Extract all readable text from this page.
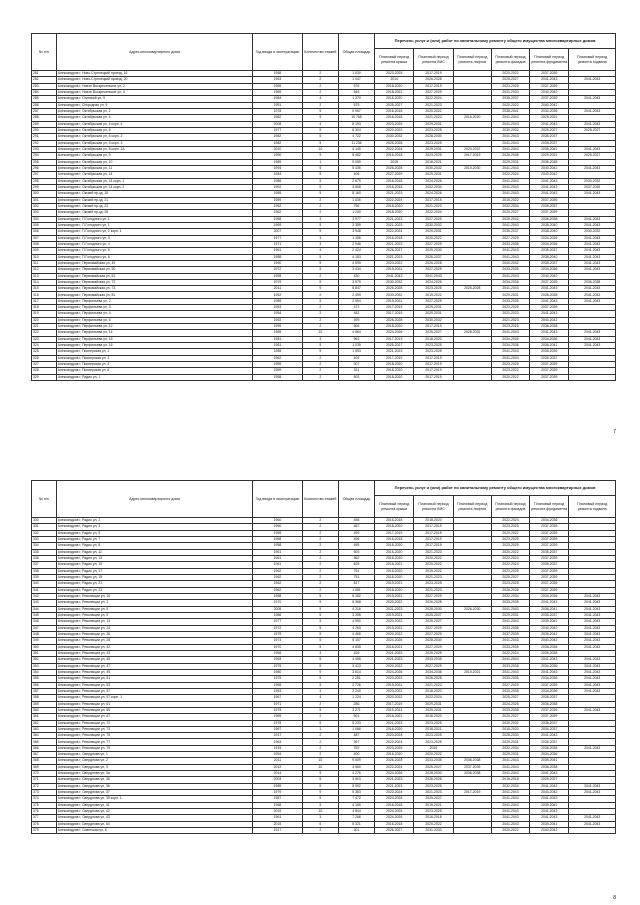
№ п/п	Адрес многоквартирного дома	Год ввода в эксплуатацию	Количество этажей	Общая площадь	Перечень услуг и (или) работ по капитальному ремонту общего имущества многоквартирных домов					
					Плановый период ремонта крыши	Плановый период ремонта ВИС	Плановый период ремонта лифтов	Плановый период ремонта фасадов	Плановый период ремонта фундамента	Плановый период ремонта подвала
281	Александров г, Ново-Стрелецкий проезд, 16	1958	2	1 030	2023-2025	2017-2019		2020-2022	2037-2039	
282	Александров г, Ново-Стрелецкий проезд, 20	1963	2	1 047	2014	2026-2028		2025-2027	2041-2043	2041-2043
283	Александров г, Новое Воскресенское ул, 2	1959	2	576	2018-2020	2017-2019		2023-2025	2037-2039	
284	Александров г, Новое Воскресенское ул, 4	1969	2	546	2018-2021	2027-2029		2031-2033	2040-2042	
285	Александров г, Огинский ул, 9	1984	4	1 370	2018-2020	2022-2024		2035-2037	2037-2039	2041-2043
286	Александров г, Огородная ул, 9	1951	2	575	2025-2027	2021-2023		2020-2022	2040-2042	
287	Александров г, Октябрьская ул, 2	1978	5	5 967	2016-2018	2020-2022		2038-2041	2034-2036	2041-2043
288	Александров г, Октябрьская ул, 4	1982	9	10 765	2016-2018	2021-2023	2016-2020	2041-2043	2029-2031	
289	Александров г, Октябрьская ул, 4 корп. 4	2008	4	8 193	2023-2025	2029-2031		2041-2043	2041-2043	2041-2043
290	Александров г, Октябрьская ул, 5	1977	5	6 304	2020-2022	2023-2025		2030-2032	2025-2027	2025-2027
291	Александров г, Октябрьская ул, 6 корп. 2	1982	5	4 722	2030-2032	2028-2030		2041-2043	2035-2037	
292	Александров г, Октябрьская ул, 6 корп. 3	1982	5	11 236	2026-2028	2023-2025		2041-2043	2035-2037	
293	Александров г, Октябрьская ул, 8 корп. 1А	2010	10	4 145	2022-2024	2029-2031	2020-2037	2041-2043	2035-2041	2041-2043
294	Александров г, Октябрьская ул, 9	1990	9	8 482	2016-2018	2023-2025	2017-2019	2026-2038	2029-2031	2025-2027
295	Александров г, Октябрьская ул, 10	1989	1	9 059	2015	2018-2021		2029-2031	2036-2038	
296	Александров г, Октябрьская ул, 11	1993	5	5 436	2026-2028	2030-2032	2019-2030	2041-2043	2040-2042	2041-2043
297	Александров г, Октябрьская ул, 14	1984	5	406	2027-2029	2029-2031		2022-2024	2040-2042	
298	Александров г, Октябрьская ул, 14 корп. 1	1986	5	2 679	2016-2018	2024-2026		2041-2043	2041-2043	2030-2032
299	Александров г, Октябрьская ул, 14 корп. 2	1992	5	3 808	2016-2018	2032-2034		2041-2043	2041-2043	2037-2039
300	Александров г, Окский пр-зд, 15	1985	5	8 160	2021-2023	2024-2026		2041-2043	2041-2043	2041-2043
301	Александров г, Окский пр-зд, 21	1959	2	1 036	2022-2024	2017-2019		2019-2022	2037-2039	
302	Александров г, Окский пр-зд, 23	1962	2	756	2018-2020	2021-2023		2032-2034	2035-2037	
303	Александров г, Окский пр-зд, 26	1962	2	1 240	2018-2020	2022-2024		2025-2027	2037-2039	
304	Александров г, П.Голодного ул, 1	1958	3	3 977	2021-2023	2027-2029		2039-2042	2036-2038	2041-2043
305	Александров г, П.Голодного ул, 1	1969	5	3 359	2021-2023	2030-2032		2041-2043	2038-2040	2041-2043
306	Александров г, П.Голодного ул, 2 корп. 1	2007	5	3 948	2022-2024	2029-2031		2035-2037	2038-2040	2030-2032
307	Александров г, П.Голодного ул, 3	1977	3	1 156	2016-2018	2020-2022		2027-2029	2034-2036	2041-2043
308	Александров г, П.Голодного ул, 4	1971	3	2 946	2021-2023	2027-2029		2033-2035	2034-2036	2041-2043
309	Александров г, П.Голодного ул, 5	1961	4	2 424	2026-2027	2025-2030		2041-2043	2035-2037	2041-2043
310	Александров г, П.Голодного ул, 6	1988	5	4 153	2021-2023	2028-2037		2041-2043	2038-2040	2041-2043
311	Александров г, Первомайская ул, 49	1990	5	4 599	2020-2022	2026-2028		2040-2042	2035-2037	2041-2043
312	Александров г, Первомайская ул, 50	1972	5	3 434	2019-2021	2027-2029		2033-2035	2034-2036	2041-2043
313	Александров г, Первомайская ул, 51	1958	2	430	2041-2043	2041-2043		2041-2043	2040-2042	
314	Александров г, Первомайская ул, 72	1979	5	3 979	2030-2032	2024-2026		2034-2036	2037-2039	2036-2038
315	Александров г, Первомайская ул, 73	2011	9	5 847	2026-2028	2023-2025	2026-2028	2041-2043	2041-2043	2041-2043
316	Александров г, Первомайская ул, 81	1952	2	2 499	2030-2032	2019-2022		2029-2031	2036-2038	2041-2043
317	Александров г, Перфильева ул, 2	1989	5	2 594	2019-2021	2027-2029		2033-2035	2041-2043	2041-2043
318	Александров г, Перфильева ул, 3	1953	2	472	2017-2019	2029-2031		2023-2025	2037-2039	
319	Александров г, Перфильева ул, 4	1954	2	482	2017-2019	2029-2031		2021-2023	2041-2043	
320	Александров г, Перфильева ул, 6	1952	2	499	2026-2028	2030-2032		2021-2023	2040-2042	
321	Александров г, Перфильева ул, 12	1959	2	606	2018-2020	2017-2019		2023-2025	2036-2038	
322	Александров г, Перфильева ул, 14	1985	10	4 864	2024-2026	2025-2027	2028-2031	2041-2043	2041-2043	2041-2043
323	Александров г, Перфильева ул, 15	1981	3	962	2017-2019	2018-2020		2034-2036	2034-2036	2041-2043
324	Александров г, Перфильева ул, 16	1981	5	1 035	2025-2027	2023-2025		2034-2036	2036-2041	2041-2043
325	Александров г, Пионерская ул, 1	1985	5	1 593	2021-2023	2023-2025		2041-2043	2036-2039	
326	Александров г, Пионерская ул, 2	1962	2	402	2017-2019	2017-2019		2041-2043	2035-2037	
327	Александров г, Пионерская ул, 4	1959	2	307	2018-2020	2017-2019		2023-2025	2037-2039	
328	Александров г, Пионерская ул, 6	1959	2	331	2018-2020	2017-2019		2023-2022	2037-2039	
329	Александров г, Радио ул, 1	1958	2	503	2018-2020	2017-2019		2020-2022	2037-2039	
7
№ п/п	Адрес многоквартирного дома	Год ввода в эксплуатацию	Количество этажей	Общая площадь	Перечень услуг и (или) работ по капитальному ремонту общего имущества многоквартирных домов					
					Плановый период ремонта крыши	Плановый период ремонта ВИС	Плановый период ремонта лифтов	Плановый период ремонта фасадов	Плановый период ремонта фундамента	Плановый период ремонта подвала
330	Александров г, Радио ул, 2	1960	2	456	2016-2018	2018-2020		2022-2024	2034-2036	
331	Александров г, Радио ул, 3	1960	2	487	2018-2020	2017-2019		2023-2025	2037-2039	
332	Александров г, Радио ул, 5	1959	2	499	2017-2019	2017-2019		2020-2022	2037-2039	
333	Александров г, Радио ул, 7	1958	2	496	2016-2018	2017-2019		2023-2025	2037-2039	
334	Александров г, Радио ул, 8	1958	2	495	2018-2020	2017-2019		2023-2025	2037-2039	
335	Александров г, Радио ул, 11	1961	2	503	2016-2020	2021-2023		2020-2022	2035-2037	
336	Александров г, Радио ул, 13	1961	2	562	2016-2020	2020-2022		2022-2024	2037-2039	
337	Александров г, Радио ул, 15	1961	2	625	2016-2021	2020-2022		2022-2024	2035-2037	
338	Александров г, Радио ул, 17	1962	2	751	2016-2020	2019-2022		2023-2025	2037-2039	
339	Александров г, Радио ул, 19	1962	2	751	2018-2020	2021-2023		2025-2027	2037-2039	
340	Александров г, Радио ул, 21	1962	2	817	2019-2021	2023-2025		2023-2025	2037-2039	
341	Александров г, Радио ул, 23	1962	2	1 081	2018-2020	2021-2023		2026-2028	2037-2039	
342	Александров г, Революции ул, 16	1988	5	5 182	2019-2021	2027-2029		2032-2034	2034-2036	2041-2043
343	Александров г, Революции ул, 2	1970	5	6 368	2020-2022	2026-2028		2033-2035	2041-2043	2041-2043
344	Александров г, Революции ул, 5	2005	9	4 216	2021-2023	2028-2030	2026-2030	2041-2043	2036-2041	2041-2043
345	Александров г, Революции ул, 9	1986	5	3 255	2019-2021	2025-2027		2029-2031	2035-2037	2041-2043
346	Александров г, Революции ул, 13	1977	5	4 590	2020-2022	2025-2027		2041-2043	2039-2041	2041-2043
347	Александров г, Революции ул, 24	1972	5	4 263	2019-2021	2027-2029		2033-2035	2040-2042	2041-2043
348	Александров г, Революции ул, 26	1975	5	4 465	2020-2022	2027-2029		2037-2039	2039-2042	2041-2043
349	Александров г, Революции ул, 28	1974	5	5 107	2024-2026	2028-2030		2041-2043	2040-2042	2041-2043
350	Александров г, Революции ул, 42	1970	5	4 835	2016-2021	2027-2029		2033-2035	2036-2038	2041-2043
351	Александров г, Революции ул, 43	1956	3	426	2021-2023	2025-2029		2022-2024	2036-2038	
352	Александров г, Революции ул, 45	1993	5	4 455	2021-2023	2033-2035		2041-2043	2041-2043	2041-2043
353	Александров г, Революции ул, 47	1975	5	3 413	2020-2022	2027-2029		2033-2035	2034-2036	2041-2043
354	Александров г, Революции ул, 49	1980	9	3 614	2024-2026	2034-2036	2019-2021	2041-2043	2041-2043	2041-2043
355	Александров г, Революции ул, 51	1975	5	2 251	2020-2022	2026-2028		2033-2035	2034-2036	2041-2043
356	Александров г, Революции ул, 53	1965	5	2 726	2019-2021	2021-2023		2027-2029	2037-2039	2041-2043
357	Александров г, Революции ул, 57	1953	4	2 240	2020-2022	2018-2020		2033-2035	2034-2036	2041-2043
358	Александров г, Революции ул, 57 корп. 1	1967	4	1 224	2020-2022	2022-2024		2025-2027	2035-2037	
359	Александров г, Революции ул, 61	1971	2	286	2017-2019	2029-2031		2024-2026	2036-2038	
360	Александров г, Революции ул, 65	1975	5	3 271	2019-2021	2029-2031		2033-2035	2037-2039	2041-2043
361	Александров г, Революции ул, 67	1969	2	501	2016-2021	2018-2020		2025-2027	2037-2039	
362	Александров г, Революции ул, 72	1978	5	5 233	2021-2023	2023-2025		2030-2032	2035-2037	
363	Александров г, Революции ул, 73	1967	1	1 066	2016-2020	2018-2021		2018-2020	2034-2037	
364	Александров г, Революции ул, 75	1917	2	487	2020-2024	2023-2025		2028-2030	2041-2043	
365	Александров г, Революции ул, 77	1963	2	397	2022-2024	2023-2025		2029-2031	2035-2037	
366	Александров г, Революции ул, 79	1915	2	752	2023-2025	2015		2032-2034	2036-2038	2041-2043
367	Александров г, Свердлова ул, 1	1994	2	400	2016-2020	2020-2022		2029-2031	2034-2036	
368	Александров г, Свердлова ул, 2	2011	10	9 509	2026-2028	2033-2035	2036-2038	2041-2043	2039-2041	
369	Александров г, Свердлова ул, 3	2012	10	3 560	2022-2024	2025-2027	2037-2039	2041-2043	2036-2038	
370	Александров г, Свердлова ул, 3а	2014	9	4 276	2024-2026	2028-2030	2036-2038	2041-2043	2041-2043	
371	Александров г, Свердлова ул, 36	2003	5	3 503	2021-2023	2026-2028		2016-2018	2025-2027	
372	Александров г, Свердлова ул, 36	1985	5	5 092	2021-2023	2023-2025		2032-2034	2041-2043	2041-2043
373	Александров г, Свердлова ул, 37	1979	9	5 353	2022-2024	2021-2023	2017-2019	2041-2043	2040-2042	2041-2043
374	Александров г, Свердлова ул, 39 корп. 1	1987	5	7 472	2024-2026	2025-2027		2041-2043	2041-2043	
375	Александров г, Свердлова ул, 41	1968	5	4 165	2016-2018	2019-2021		2041-2043	2039-2041	
376	Александров г, Свердлова ул, 42	2015	10	4 844	2024-2026	2023-2025		2041-2043	2041-2043	
377	Александров г, Свердлова ул, 43	1961	3	7 266	2024-2026	2016-2018		2041-2043	2041-2043	2041-2043
378	Александров г, Свердлова ул, 64	2015	5	5 321	2016-2018	2020-2022		2041-2043	2039-2041	2041-2043
379	Александров г, Советская ул, 6	1917	2	301	2026-2027	2031-2033		2020-2022	2040-2042	
8
